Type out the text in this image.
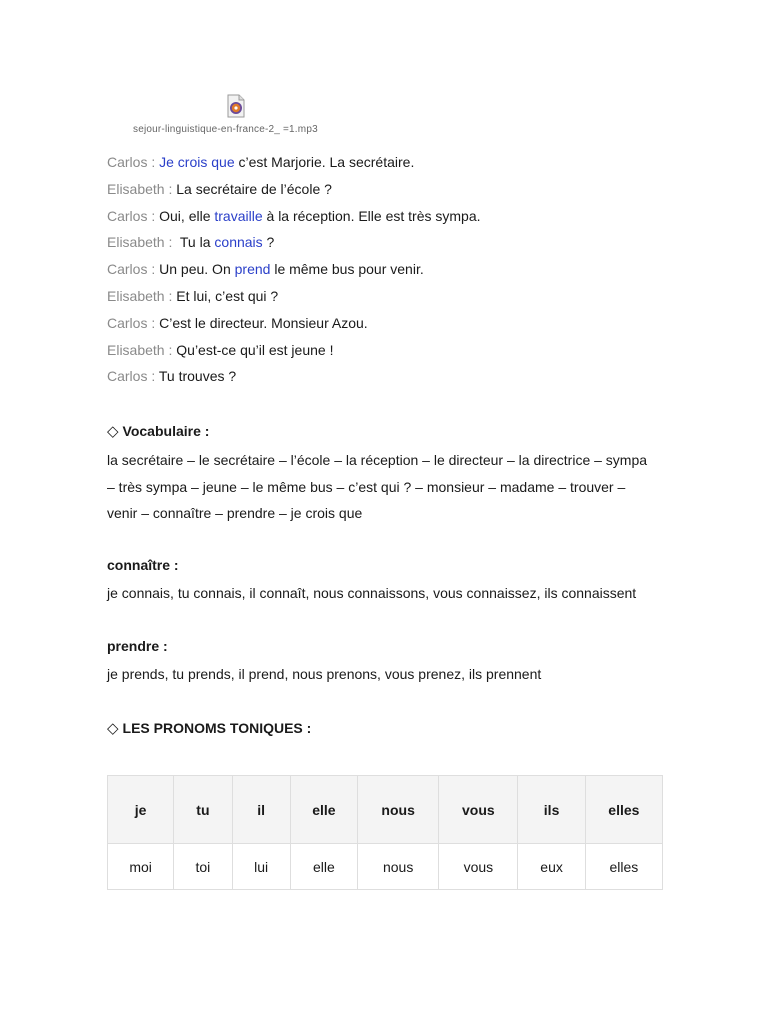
sejour-linguistique-en-france-2_ =1.mp3
Carlos : Je crois que c’est Marjorie. La secrétaire.
Elisabeth : La secrétaire de l’école ?
Carlos : Oui, elle travaille à la réception. Elle est très sympa.
Elisabeth :  Tu la connais ?
Carlos : Un peu. On prend le même bus pour venir.
Elisabeth : Et lui, c’est qui ?
Carlos : C’est le directeur. Monsieur Azou.
Elisabeth : Qu’est-ce qu’il est jeune !
Carlos : Tu trouves ?
◇ Vocabulaire :
la secrétaire – le secrétaire – l’école – la réception – le directeur – la directrice – sympa – très sympa – jeune – le même bus – c’est qui ? – monsieur – madame – trouver – venir – connaître – prendre – je crois que
connaître :
je connais, tu connais, il connaît, nous connaissons, vous connaissez, ils connaissent
prendre :
je prends, tu prends, il prend, nous prenons, vous prenez, ils prennent
◇ LES PRONOMS TONIQUES :
je	tu	il	elle	nous	vous	ils	elles
moi	toi	lui	elle	nous	vous	eux	elles
